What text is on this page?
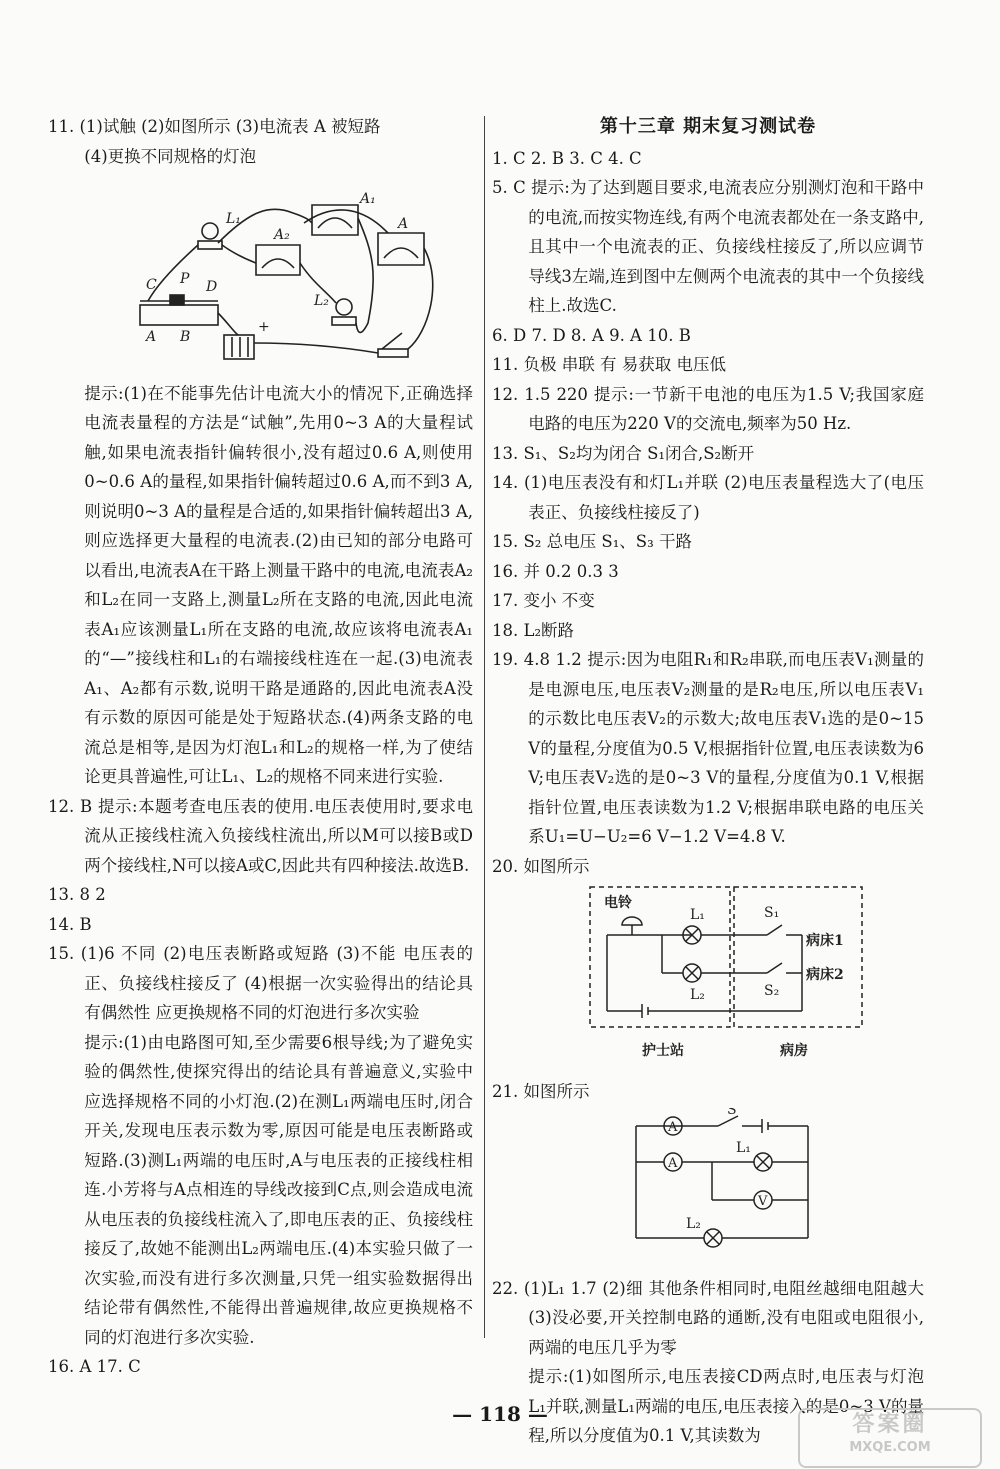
11. (1)试触 (2)如图所示 (3)电流表 A 被短路

(4)更换不同规格的灯泡

L₁
A₁
A₂
A
L₂
C P D
A B
+

提示:(1)在不能事先估计电流大小的情况下,正确选择电流表量程的方法是“试触”,先用0~3 A的大量程试触,如果电流表指针偏转很小,没有超过0.6 A,则使用0~0.6 A的量程,如果指针偏转超过0.6 A,而不到3 A,则说明0~3 A的量程是合适的,如果指针偏转超出3 A,则应选择更大量程的电流表.(2)由已知的部分电路可以看出,电流表A在干路上测量干路中的电流,电流表A₂和L₂在同一支路上,测量L₂所在支路的电流,因此电流表A₁应该测量L₁所在支路的电流,故应该将电流表A₁的“—”接线柱和L₁的右端接线柱连在一起.(3)电流表A₁、A₂都有示数,说明干路是通路的,因此电流表A没有示数的原因可能是处于短路状态.(4)两条支路的电流总是相等,是因为灯泡L₁和L₂的规格一样,为了使结论更具普遍性,可让L₁、L₂的规格不同来进行实验.

12. B 提示:本题考查电压表的使用.电压表使用时,要求电流从正接线柱流入负接线柱流出,所以M可以接B或D两个接线柱,N可以接A或C,因此共有四种接法.故选B.

13. 8 2

14. B

15. (1)6 不同 (2)电压表断路或短路 (3)不能 电压表的正、负接线柱接反了 (4)根据一次实验得出的结论具有偶然性 应更换规格不同的灯泡进行多次实验

提示:(1)由电路图可知,至少需要6根导线;为了避免实验的偶然性,使探究得出的结论具有普遍意义,实验中应选择规格不同的小灯泡.(2)在测L₁两端电压时,闭合开关,发现电压表示数为零,原因可能是电压表断路或短路.(3)测L₁两端的电压时,A与电压表的正接线柱相连.小芳将与A点相连的导线改接到C点,则会造成电流从电压表的负接线柱流入了,即电压表的正、负接线柱接反了,故她不能测出L₂两端电压.(4)本实验只做了一次实验,而没有进行多次测量,只凭一组实验数据得出结论带有偶然性,不能得出普遍规律,故应更换规格不同的灯泡进行多次实验.

16. A 17. C

第十三章 期末复习测试卷

1. C 2. B 3. C 4. C

5. C 提示:为了达到题目要求,电流表应分别测灯泡和干路中的电流,而按实物连线,有两个电流表都处在一条支路中,且其中一个电流表的正、负接线柱接反了,所以应调节导线3左端,连到图中左侧两个电流表的其中一个负接线柱上.故选C.

6. D 7. D 8. A 9. A 10. B

11. 负极 串联 有 易获取 电压低

12. 1.5 220 提示:一节新干电池的电压为1.5 V;我国家庭电路的电压为220 V的交流电,频率为50 Hz.

13. S₁、S₂均为闭合 S₁闭合,S₂断开

14. (1)电压表没有和灯L₁并联 (2)电压表量程选大了(电压表正、负接线柱接反了)

15. S₂ 总电压 S₁、S₃ 干路

16. 并 0.2 0.3 3

17. 变小 不变

18. L₂断路

19. 4.8 1.2 提示:因为电阻R₁和R₂串联,而电压表V₁测量的是电源电压,电压表V₂测量的是R₂电压,所以电压表V₁的示数比电压表V₂的示数大;故电压表V₁选的是0~15 V的量程,分度值为0.5 V,根据指针位置,电压表读数为6 V;电压表V₂选的是0~3 V的量程,分度值为0.1 V,根据指针位置,电压表读数为1.2 V;根据串联电路的电压关系U₁=U−U₂=6 V−1.2 V=4.8 V.

20. 如图所示

电铃
L₁
L₂
S₁
S₂
病床1
病床2
护士站	病房

21. 如图所示

A
A
V
S
L₁
L₂

22. (1)L₁ 1.7 (2)细 其他条件相同时,电阻丝越细电阻越大 (3)没必要,开关控制电路的通断,没有电阻或电阻很小,两端的电压几乎为零

提示:(1)如图所示,电压表接CD两点时,电压表与灯泡L₁并联,测量L₁两端的电压,电压表接入的是0~3 V的量程,所以分度值为0.1 V,其读数为

— 118 —	答案圈
MXQE.COM
